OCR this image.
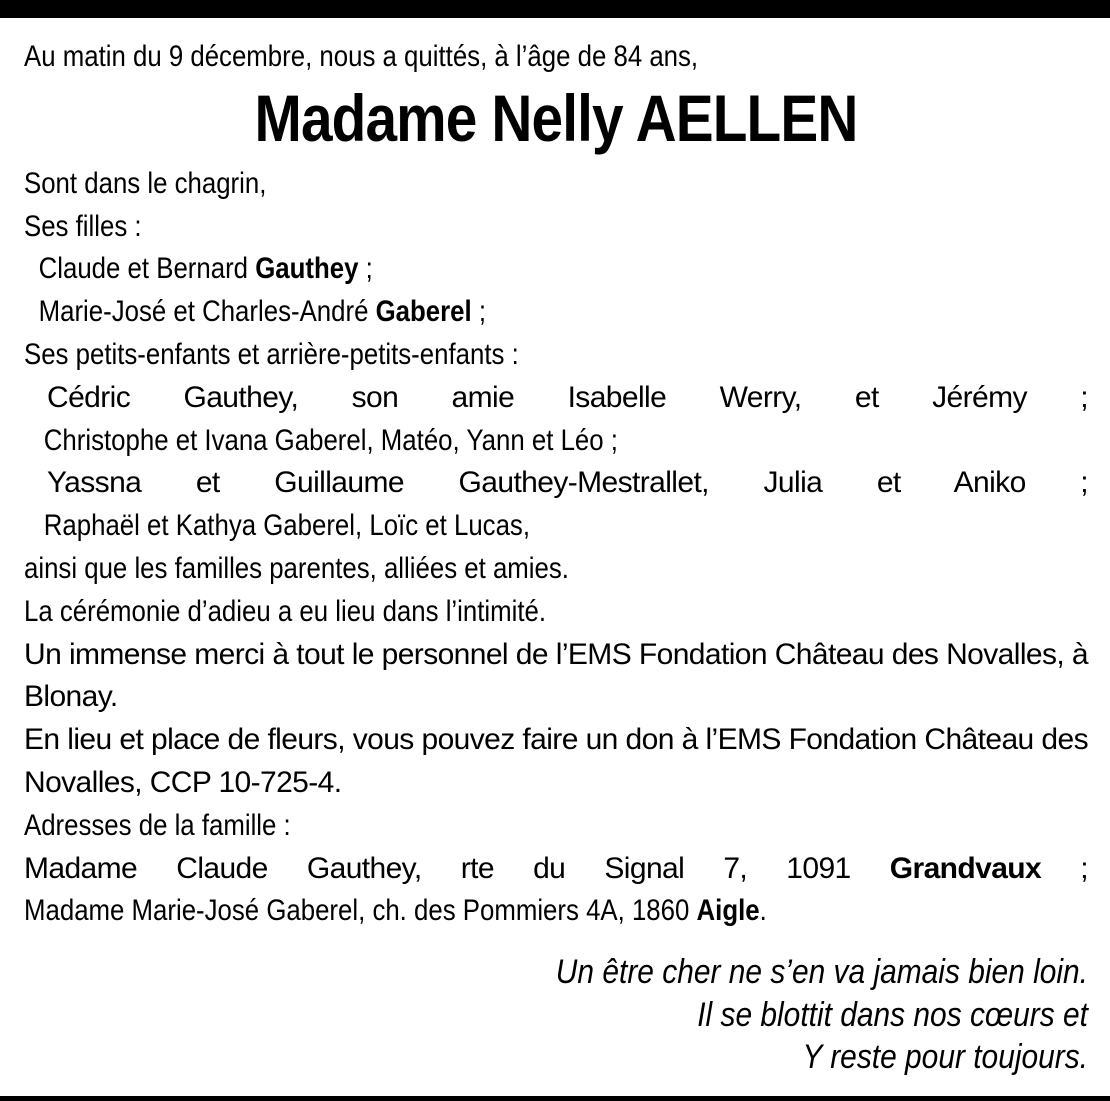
Au matin du 9 décembre, nous a quittés, à l’âge de 84 ans,
Madame Nelly AELLEN
Sont dans le chagrin,
Ses filles :
Claude et Bernard Gauthey ;
Marie-José et Charles-André Gaberel ;
Ses petits-enfants et arrière-petits-enfants :
Cédric Gauthey, son amie Isabelle Werry, et Jérémy ;
Christophe et Ivana Gaberel, Matéo, Yann et Léo ;
Yassna et Guillaume Gauthey-Mestrallet, Julia et Aniko ;
Raphaël et Kathya Gaberel, Loïc et Lucas,
ainsi que les familles parentes, alliées et amies.
La cérémonie d’adieu a eu lieu dans l’intimité.
Un immense merci à tout le personnel de l’EMS Fondation Château des Novalles, à Blonay.
En lieu et place de fleurs, vous pouvez faire un don à l’EMS Fondation Château des Novalles, CCP 10-725-4.
Adresses de la famille :
Madame Claude Gauthey, rte du Signal 7, 1091 Grandvaux ;
Madame Marie-José Gaberel, ch. des Pommiers 4A, 1860 Aigle.
Un être cher ne s’en va jamais bien loin.
Il se blottit dans nos cœurs et
Y reste pour toujours.
